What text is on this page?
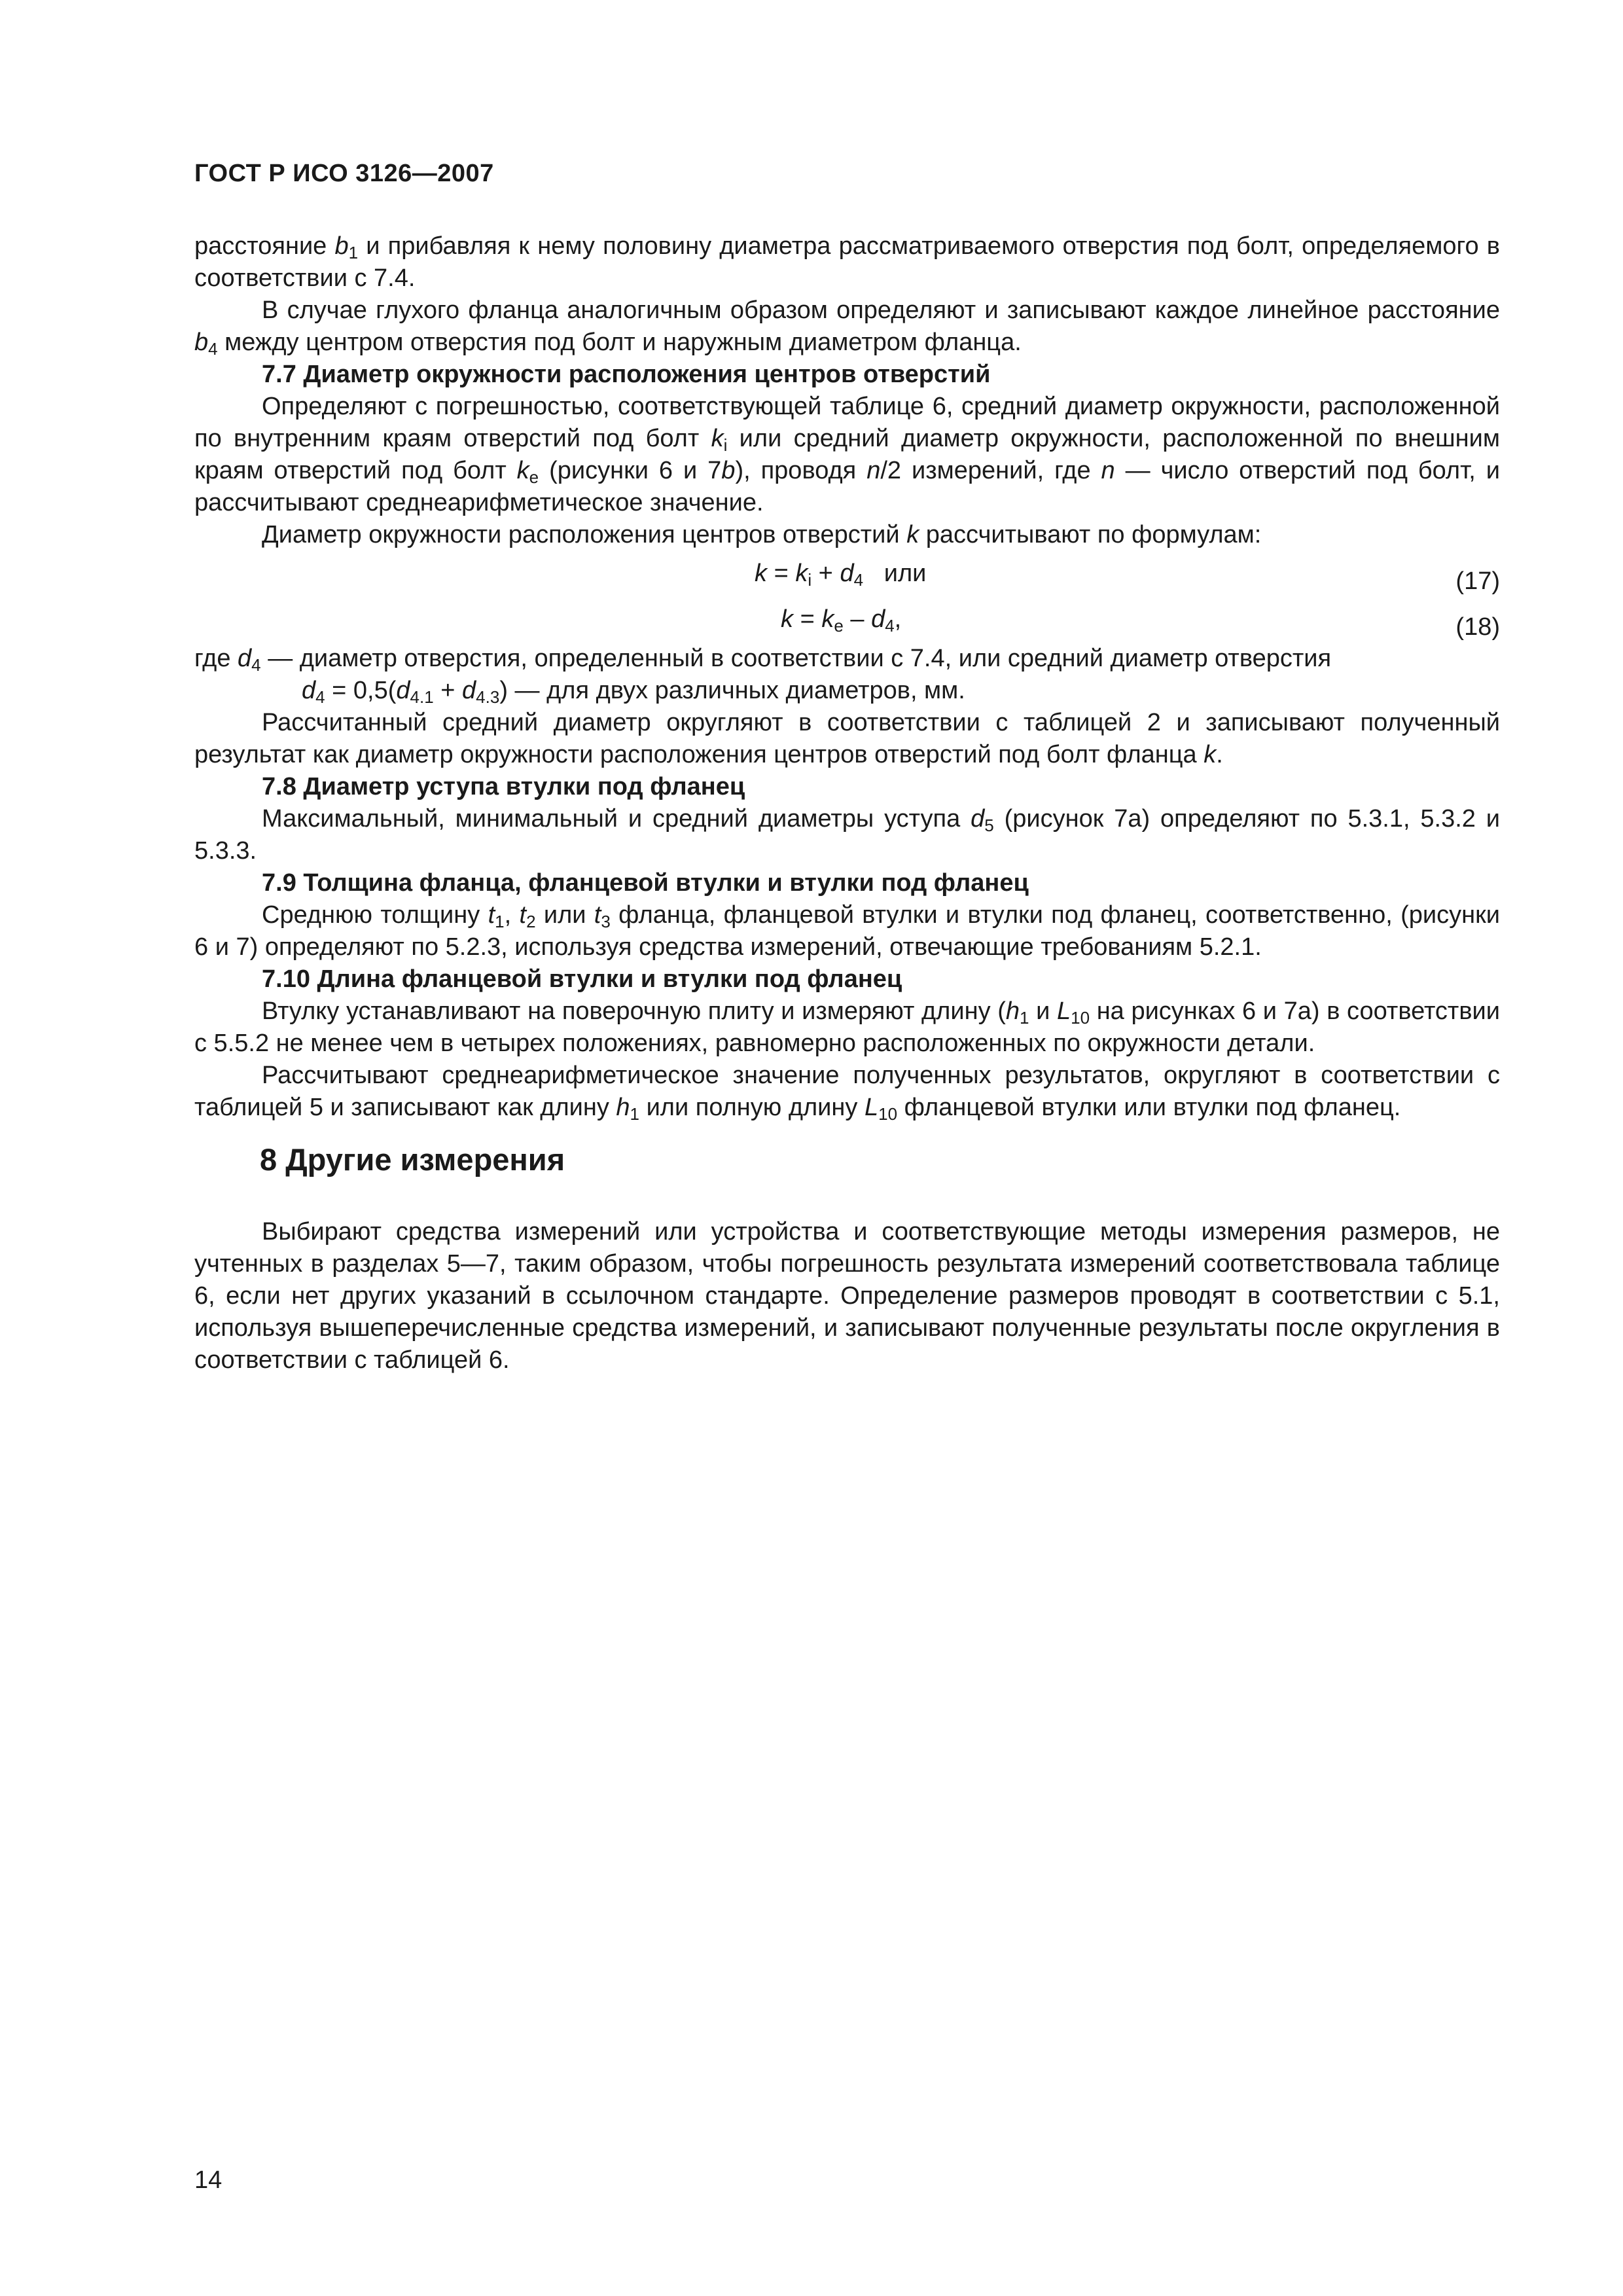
ГОСТ Р ИСО 3126—2007

расстояние $b_1$ и прибавляя к нему половину диаметра рассматриваемого отверстия под болт, определяемого в соответствии с 7.4.

В случае глухого фланца аналогичным образом определяют и записывают каждое линейное расстояние $b_4$ между центром отверстия под болт и наружным диаметром фланца.

7.7 Диаметр окружности расположения центров отверстий

Определяют с погрешностью, соответствующей таблице 6, средний диаметр окружности, расположенной по внутренним краям отверстий под болт $k_i$ или средний диаметр окружности, расположенной по внешним краям отверстий под болт $k_e$ (рисунки 6 и 7b), проводя n/2 измерений, где n — число отверстий под болт, и рассчитывают среднеарифметическое значение.

Диаметр окружности расположения центров отверстий k рассчитывают по формулам:

$k = k_i + d_4$ или	(17)
$k = k_e - d_4$,	(18)

где $d_4$ — диаметр отверстия, определенный в соответствии с 7.4, или средний диаметр отверстия

$d_4 = 0,5(d_{4.1} + d_{4.3})$ — для двух различных диаметров, мм.

Рассчитанный средний диаметр округляют в соответствии с таблицей 2 и записывают полученный результат как диаметр окружности расположения центров отверстий под болт фланца k.

7.8 Диаметр уступа втулки под фланец

Максимальный, минимальный и средний диаметры уступа $d_5$ (рисунок 7а) определяют по 5.3.1, 5.3.2 и 5.3.3.

7.9 Толщина фланца, фланцевой втулки и втулки под фланец

Среднюю толщину $t_1$, $t_2$ или $t_3$ фланца, фланцевой втулки и втулки под фланец, соответственно, (рисунки 6 и 7) определяют по 5.2.3, используя средства измерений, отвечающие требованиям 5.2.1.

7.10 Длина фланцевой втулки и втулки под фланец

Втулку устанавливают на поверочную плиту и измеряют длину ($h_1$ и $L_{10}$ на рисунках 6 и 7а) в соответствии с 5.5.2 не менее чем в четырех положениях, равномерно расположенных по окружности детали.

Рассчитывают среднеарифметическое значение полученных результатов, округляют в соответствии с таблицей 5 и записывают как длину $h_1$ или полную длину $L_{10}$ фланцевой втулки или втулки под фланец.

8 Другие измерения

Выбирают средства измерений или устройства и соответствующие методы измерения размеров, не учтенных в разделах 5—7, таким образом, чтобы погрешность результата измерений соответствовала таблице 6, если нет других указаний в ссылочном стандарте. Определение размеров проводят в соответствии с 5.1, используя вышеперечисленные средства измерений, и записывают полученные результаты после округления в соответствии с таблицей 6.

14
